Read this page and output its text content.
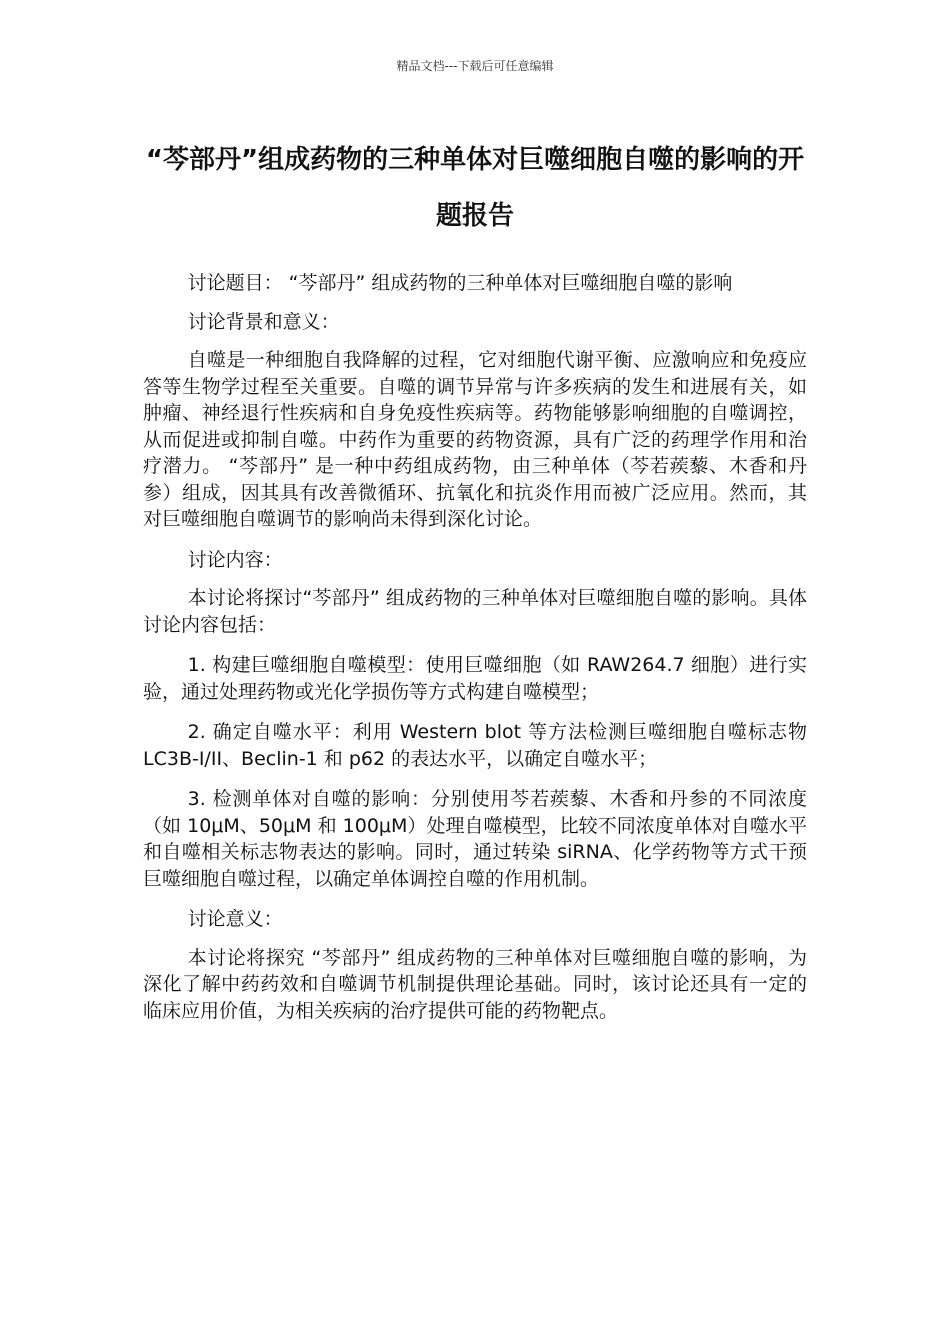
精品文档---下载后可任意编辑
“芩部丹”组成药物的三种单体对巨噬细胞自噬的影响的开题报告

讨论题目： “芩部丹” 组成药物的三种单体对巨噬细胞自噬的影响

讨论背景和意义：

自噬是一种细胞自我降解的过程，它对细胞代谢平衡、应激响应和免疫应答等生物学过程至关重要。自噬的调节异常与许多疾病的发生和进展有关，如肿瘤、神经退行性疾病和自身免疫性疾病等。药物能够影响细胞的自噬调控，从而促进或抑制自噬。中药作为重要的药物资源，具有广泛的药理学作用和治疗潜力。 “芩部丹” 是一种中药组成药物，由三种单体（芩若蒺藜、木香和丹参）组成，因其具有改善微循环、抗氧化和抗炎作用而被广泛应用。然而，其对巨噬细胞自噬调节的影响尚未得到深化讨论。

讨论内容：

本讨论将探讨“芩部丹” 组成药物的三种单体对巨噬细胞自噬的影响。具体讨论内容包括：

1. 构建巨噬细胞自噬模型：使用巨噬细胞（如 RAW264.7 细胞）进行实验，通过处理药物或光化学损伤等方式构建自噬模型；

2. 确定自噬水平：利用 Western blot 等方法检测巨噬细胞自噬标志物 LC3B-I/II、Beclin-1 和 p62 的表达水平，以确定自噬水平；

3. 检测单体对自噬的影响：分别使用芩若蒺藜、木香和丹参的不同浓度（如 10μM、50μM 和 100μM）处理自噬模型，比较不同浓度单体对自噬水平和自噬相关标志物表达的影响。同时，通过转染 siRNA、化学药物等方式干预巨噬细胞自噬过程，以确定单体调控自噬的作用机制。

讨论意义：

本讨论将探究 “芩部丹” 组成药物的三种单体对巨噬细胞自噬的影响，为深化了解中药药效和自噬调节机制提供理论基础。同时，该讨论还具有一定的临床应用价值，为相关疾病的治疗提供可能的药物靶点。
